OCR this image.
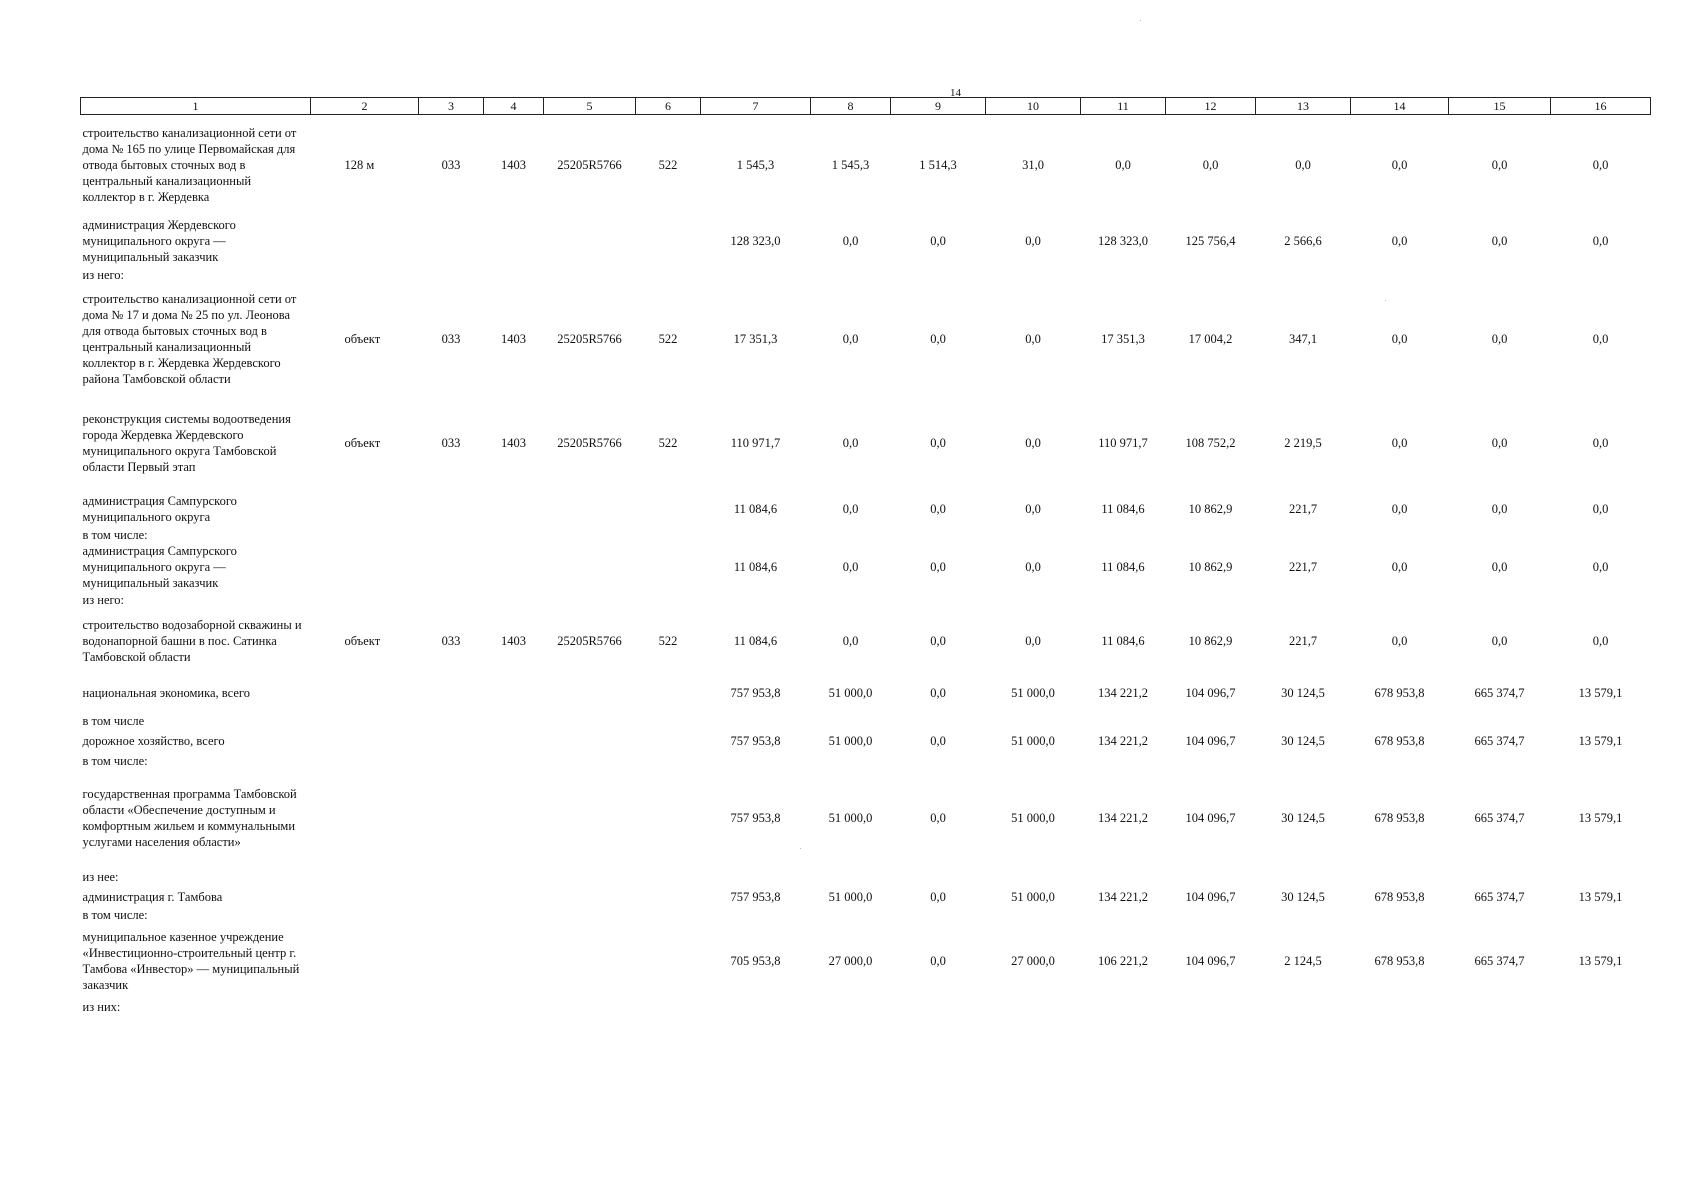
14
1	2	3	4	5	6	7	8	9	10	11	12	13	14	15	16
строительство канализационной сети от дома № 165 по улице Первомайская для отвода бытовых сточных вод в центральный канализационный коллектор в г. Жердевка	128 м	033	1403	25205R5766	522	1 545,3	1 545,3	1 514,3	31,0	0,0	0,0	0,0	0,0	0,0	0,0
администрация Жердевского муниципального округа — муниципальный заказчик						128 323,0	0,0	0,0	0,0	128 323,0	125 756,4	2 566,6	0,0	0,0	0,0
из него:															
строительство канализационной сети от дома № 17 и дома № 25 по ул. Леонова для отвода бытовых сточных вод в центральный канализационный коллектор в г. Жердевка Жердевского района Тамбовской области	объект	033	1403	25205R5766	522	17 351,3	0,0	0,0	0,0	17 351,3	17 004,2	347,1	0,0	0,0	0,0
реконструкция системы водоотведения города Жердевка Жердевского муниципального округа Тамбовской области Первый этап	объект	033	1403	25205R5766	522	110 971,7	0,0	0,0	0,0	110 971,7	108 752,2	2 219,5	0,0	0,0	0,0
администрация Сампурского муниципального округа						11 084,6	0,0	0,0	0,0	11 084,6	10 862,9	221,7	0,0	0,0	0,0
в том числе:															
администрация Сампурского муниципального округа — муниципальный заказчик						11 084,6	0,0	0,0	0,0	11 084,6	10 862,9	221,7	0,0	0,0	0,0
из него:															
строительство водозаборной скважины и водонапорной башни в пос. Сатинка Тамбовской области	объект	033	1403	25205R5766	522	11 084,6	0,0	0,0	0,0	11 084,6	10 862,9	221,7	0,0	0,0	0,0
национальная экономика, всего						757 953,8	51 000,0	0,0	51 000,0	134 221,2	104 096,7	30 124,5	678 953,8	665 374,7	13 579,1
в том числе															
дорожное хозяйство, всего						757 953,8	51 000,0	0,0	51 000,0	134 221,2	104 096,7	30 124,5	678 953,8	665 374,7	13 579,1
в том числе:															
государственная программа Тамбовской области «Обеспечение доступным и комфортным жильем и коммунальными услугами населения области»						757 953,8	51 000,0	0,0	51 000,0	134 221,2	104 096,7	30 124,5	678 953,8	665 374,7	13 579,1
из нее:															
администрация г. Тамбова						757 953,8	51 000,0	0,0	51 000,0	134 221,2	104 096,7	30 124,5	678 953,8	665 374,7	13 579,1
в том числе:															
муниципальное казенное учреждение «Инвестиционно-строительный центр г. Тамбова «Инвестор» — муниципальный заказчик						705 953,8	27 000,0	0,0	27 000,0	106 221,2	104 096,7	2 124,5	678 953,8	665 374,7	13 579,1
из них:															
